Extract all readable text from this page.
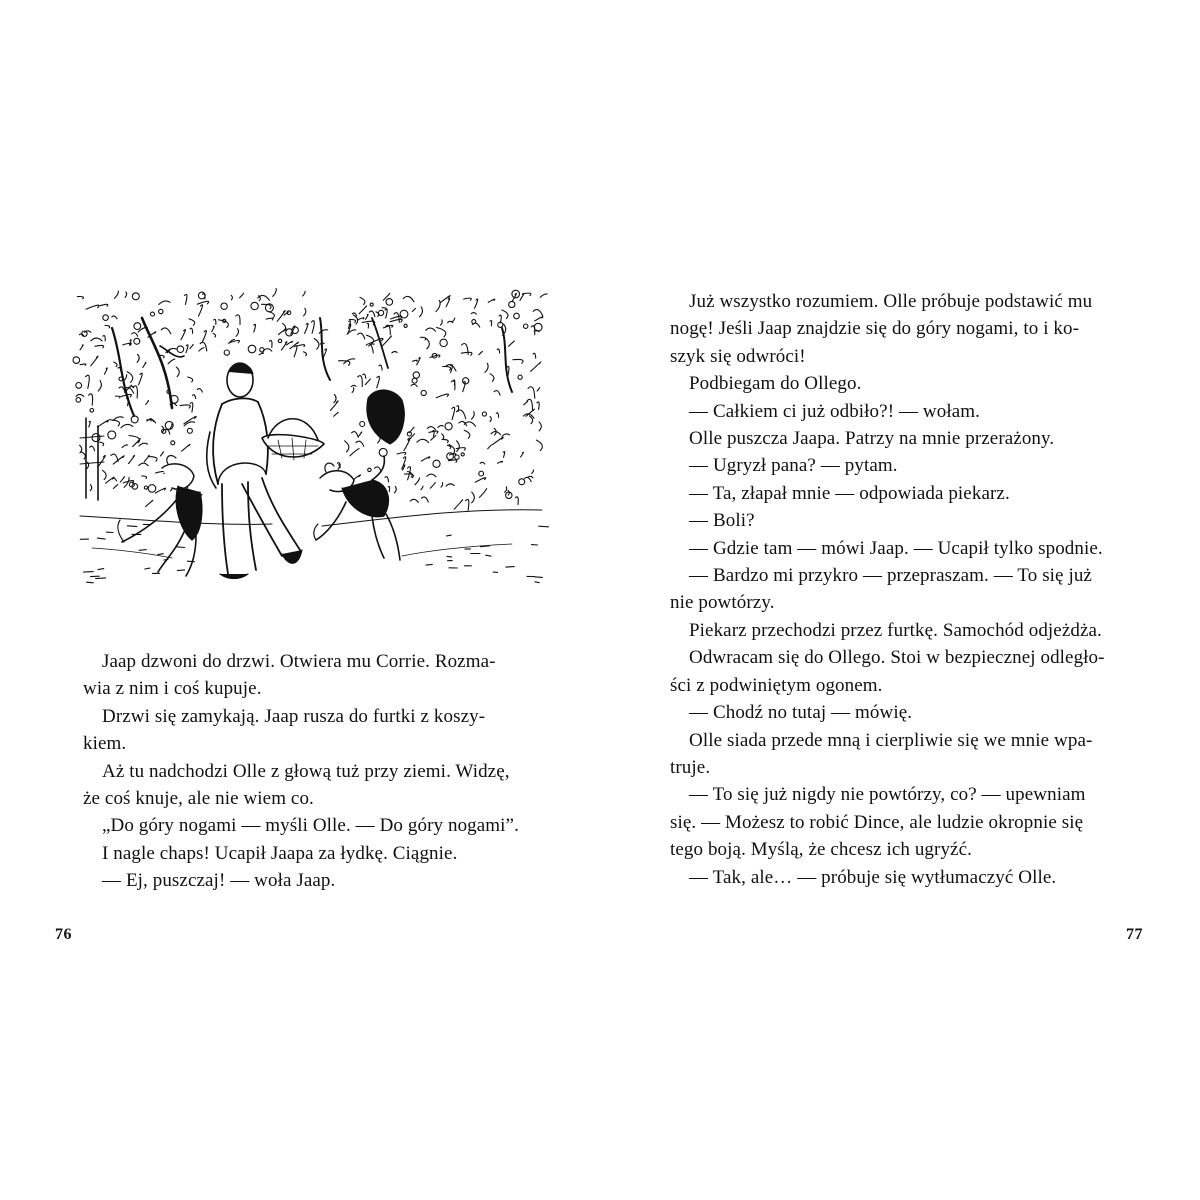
Jaap dzwoni do drzwi. Otwiera mu Corrie. Rozma-
wia z nim i coś kupuje.
Drzwi się zamykają. Jaap rusza do furtki z koszy-
kiem.
Aż tu nadchodzi Olle z głową tuż przy ziemi. Widzę,
że coś knuje, ale nie wiem co.
„Do góry nogami — myśli Olle. — Do góry nogami”.
I nagle chaps! Ucapił Jaapa za łydkę. Ciągnie.
— Ej, puszczaj! — woła Jaap.
76
Już wszystko rozumiem. Olle próbuje podstawić mu
nogę! Jeśli Jaap znajdzie się do góry nogami, to i ko-
szyk się odwróci!
Podbiegam do Ollego.
— Całkiem ci już odbiło?! — wołam.
Olle puszcza Jaapa. Patrzy na mnie przerażony.
— Ugryzł pana? — pytam.
— Ta, złapał mnie — odpowiada piekarz.
— Boli?
— Gdzie tam — mówi Jaap. — Ucapił tylko spodnie.
— Bardzo mi przykro — przepraszam. — To się już
nie powtórzy.
Piekarz przechodzi przez furtkę. Samochód odjeżdża.
Odwracam się do Ollego. Stoi w bezpiecznej odległo-
ści z podwiniętym ogonem.
— Chodź no tutaj — mówię.
Olle siada przede mną i cierpliwie się we mnie wpa-
truje.
— To się już nigdy nie powtórzy, co? — upewniam
się. — Możesz to robić Dince, ale ludzie okropnie się
tego boją. Myślą, że chcesz ich ugryźć.
— Tak, ale… — próbuje się wytłumaczyć Olle.
77
